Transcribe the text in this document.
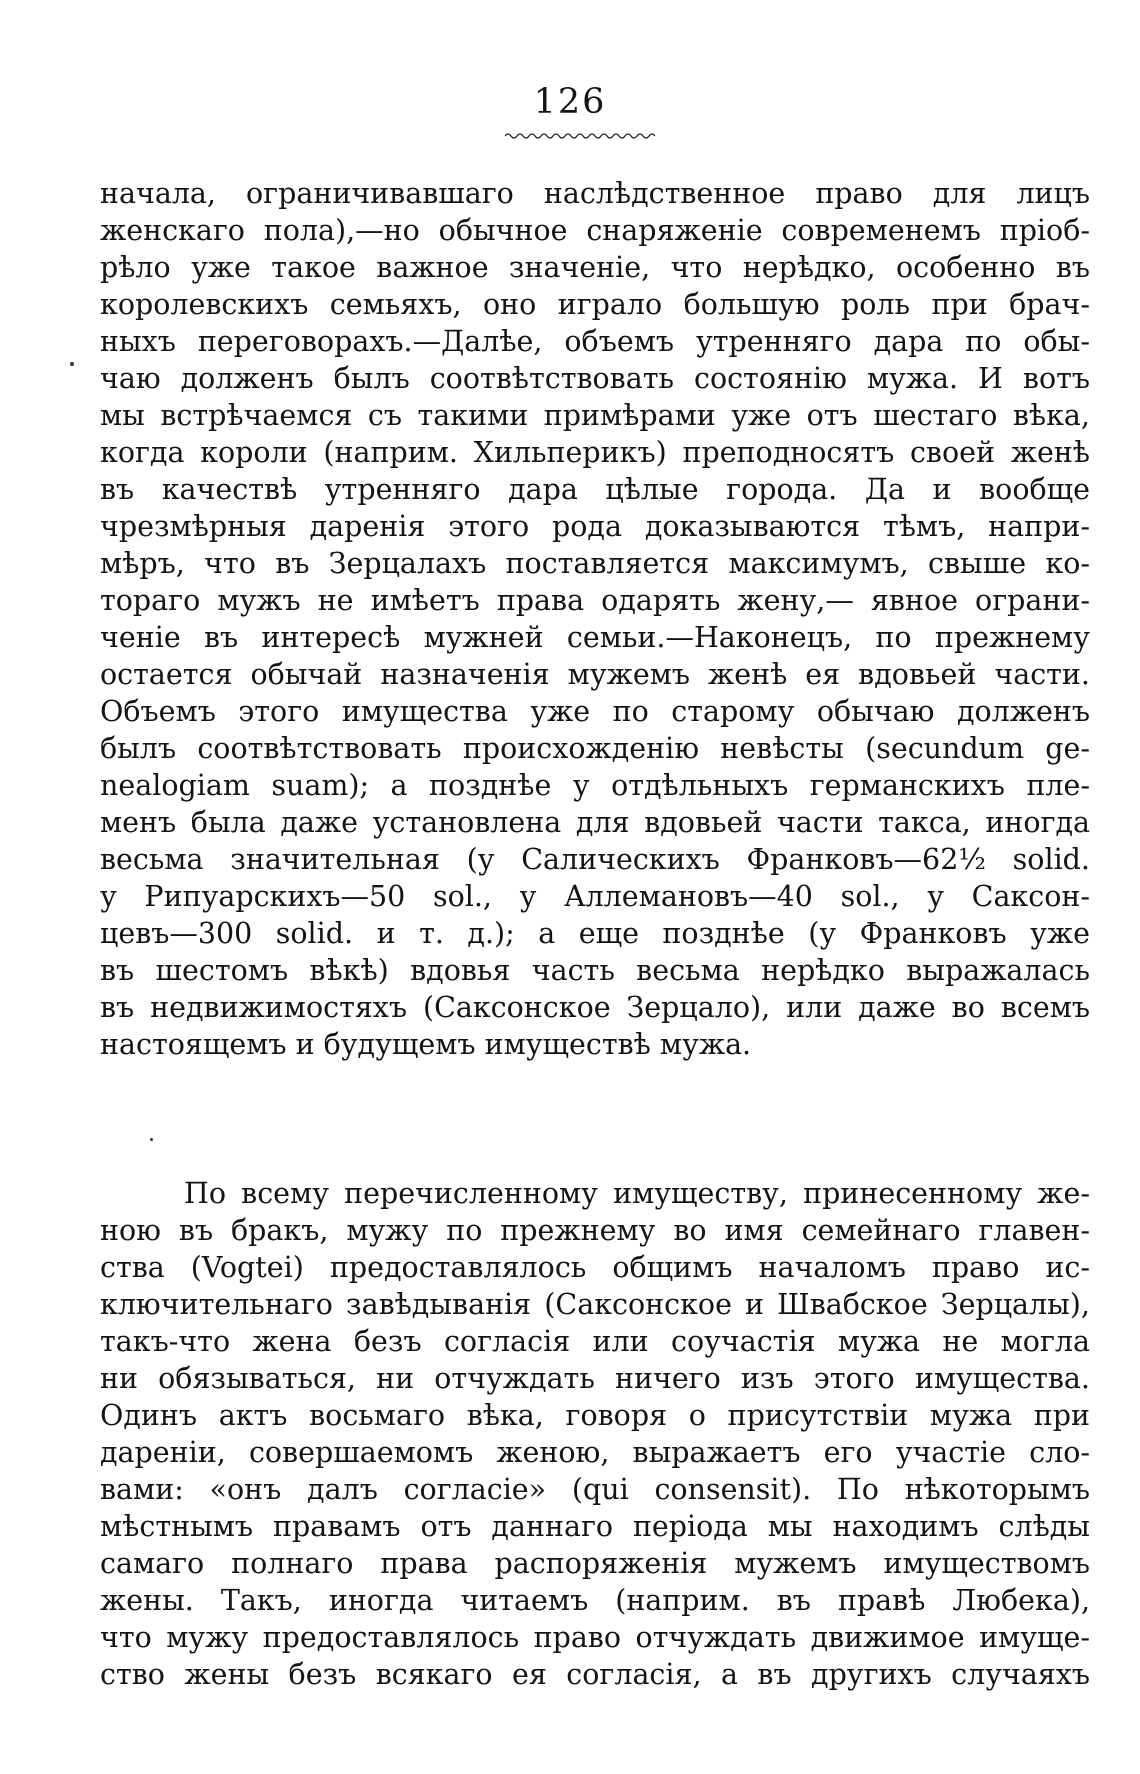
126
начала, ограничивавшаго наслѣдственное право для лицъ
женскаго пола),—но обычное снаряженіе современемъ пріоб-
рѣло уже такое важное значеніе, что нерѣдко, особенно въ
королевскихъ семьяхъ, оно играло большую роль при брач-
ныхъ переговорахъ.—Далѣе, объемъ утренняго дара по обы-
чаю долженъ былъ соотвѣтствовать состоянію мужа. И вотъ
мы встрѣчаемся съ такими примѣрами уже отъ шестаго вѣка,
когда короли (наприм. Хильперикъ) преподносятъ своей женѣ
въ качествѣ утренняго дара цѣлые города. Да и вообще
чрезмѣрныя даренія этого рода доказываются тѣмъ, напри-
мѣръ, что въ Зерцалахъ поставляется максимумъ, свыше ко-
тораго мужъ не имѣетъ права одарять жену,— явное ограни-
ченіе въ интересѣ мужней семьи.—Наконецъ, по прежнему
остается обычай назначенія мужемъ женѣ ея вдовьей части.
Объемъ этого имущества уже по старому обычаю долженъ
былъ соотвѣтствовать происхожденію невѣсты (secundum ge-
nealogiam suam); а позднѣе у отдѣльныхъ германскихъ пле-
менъ была даже установлена для вдовьей части такса, иногда
весьма значительная (у Салическихъ Франковъ—62½ solid.
у Рипуарскихъ—50 sol., у Аллемановъ—40 sol., у Саксон-
цевъ—300 solid. и т. д.); а еще позднѣе (у Франковъ уже
въ шестомъ вѣкѣ) вдовья часть весьма нерѣдко выражалась
въ недвижимостяхъ (Саксонское Зерцало), или даже во всемъ
настоящемъ и будущемъ имуществѣ мужа.
По всему перечисленному имуществу, принесенному же-
ною въ бракъ, мужу по прежнему во имя семейнаго главен-
ства (Vogtei) предоставлялось общимъ началомъ право ис-
ключительнаго завѣдыванія (Саксонское и Швабское Зерцалы),
такъ-что жена безъ согласія или соучастія мужа не могла
ни обязываться, ни отчуждать ничего изъ этого имущества.
Одинъ актъ восьмаго вѣка, говоря о присутствіи мужа при
дареніи, совершаемомъ женою, выражаетъ его участіе сло-
вами: «онъ далъ согласіе» (qui consensit). По нѣкоторымъ
мѣстнымъ правамъ отъ даннаго періода мы находимъ слѣды
самаго полнаго права распоряженія мужемъ имуществомъ
жены. Такъ, иногда читаемъ (наприм. въ правѣ Любека),
что мужу предоставлялось право отчуждать движимое имуще-
ство жены безъ всякаго ея согласія, а въ другихъ случаяхъ
